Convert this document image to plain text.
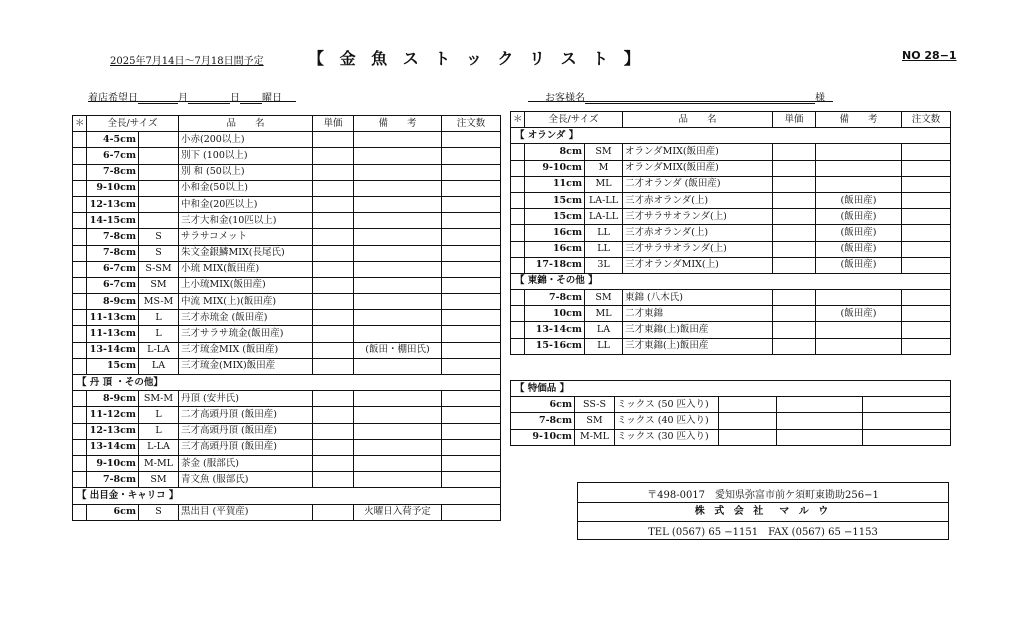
2025年7月14日〜7月18日間予定	【 金 魚 ス ト ッ ク リ ス ト 】	NO 28−1
着店希望日	月	日 曜日	お客様名	様
＊	全長/サイズ		品　　名	単価	備　　考	注文数
	4-5cm		小赤(200以上)			
	6-7cm		別下 (100以上)			
	7-8cm		別 和 (50以上)			
	9-10cm		小和金(50以上)			
	12-13cm		中和金(20匹以上)			
	14-15cm		三才大和金(10匹以上)			
	7-8cm	S	サラサコメット			
	7-8cm	S	朱文金銀鱗MIX(長尾氏)			
	6-7cm	S-SM	小琉 MIX(飯田産)			
	6-7cm	SM	上小琉MIX(飯田産)			
	8-9cm	MS-M	中流 MIX(上)(飯田産)			
	11-13cm	L	三才赤琉金 (飯田産)			
	11-13cm	L	三才サラサ琉金(飯田産)			
	13-14cm	L-LA	三才琉金MIX (飯田産)		(飯田・棚田氏)	
	15cm	LA	三才琉金(MIX)飯田産			
【 丹 頂 ・その他】						
	8-9cm	SM-M	丹頂 (安井氏)			
	11-12cm	L	二才高頭丹頂 (飯田産)			
	12-13cm	L	三才高頭丹頂 (飯田産)			
	13-14cm	L-LA	三才高頭丹頂 (飯田産)			
	9-10cm	M-ML	茶金 (服部氏)			
	7-8cm	SM	青文魚 (服部氏)			
【 出目金・キャリコ 】						
	6cm	S	黒出目 (平賀産)		火曜日入荷予定	
＊	全長/サイズ		品　　名	単価	備　　考	注文数
【 オランダ 】						
	8cm	SM	オランダMIX(飯田産)			
	9-10cm	M	オランダMIX(飯田産)			
	11cm	ML	二才オランダ (飯田産)			
	15cm	LA-LL	三才赤オランダ(上)		(飯田産)	
	15cm	LA-LL	三才サラサオランダ(上)		(飯田産)	
	16cm	LL	三才赤オランダ(上)		(飯田産)	
	16cm	LL	三才サラサオランダ(上)		(飯田産)	
	17-18cm	3L	三才オランダMIX(上)		(飯田産)	
【 東錦・その他 】						
	7-8cm	SM	東錦 (八木氏)			
	10cm	ML	二才東錦		(飯田産)	
	13-14cm	LA	三才東錦(上)飯田産			
	15-16cm	LL	三才東錦(上)飯田産			
【 特価品 】					
6cm	SS-S	ミックス (50 匹入り)			
7-8cm	SM	ミックス (40 匹入り)			
9-10cm	M-ML	ミックス (30 匹入り)			
〒498-0017　愛知県弥富市前ケ須町東勘助256−1
株 式 会 社　マ ル ウ
TEL (0567) 65 −1151　FAX (0567) 65 −1153
